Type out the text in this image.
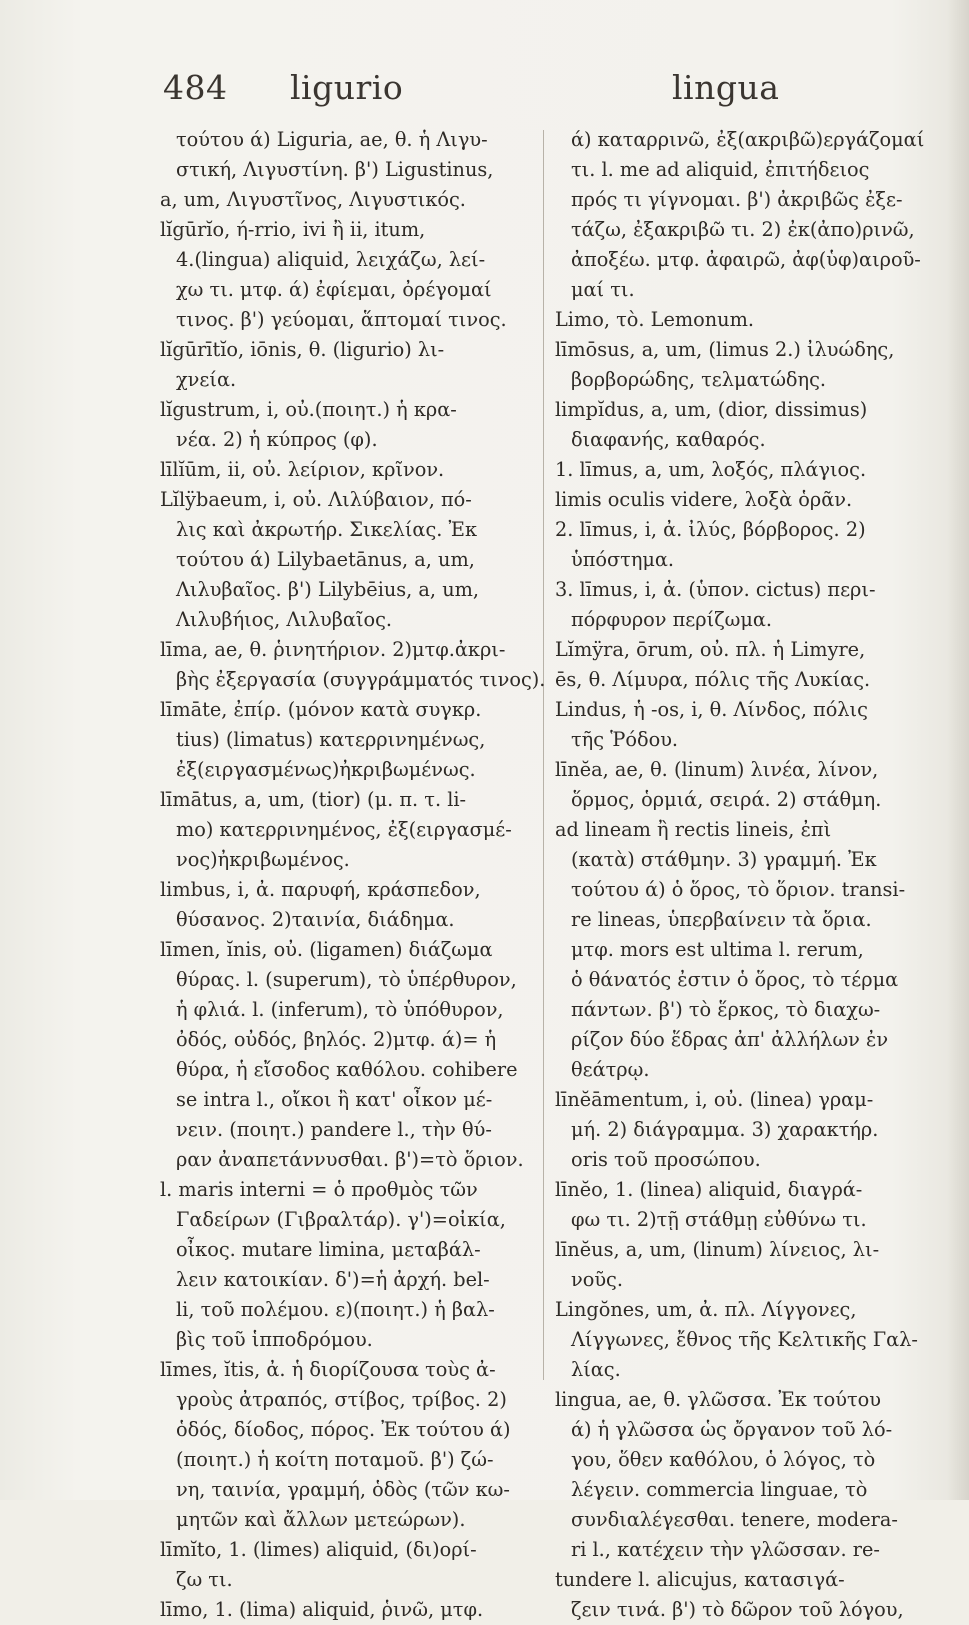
484 ligurio	lingua
τούτου ά) Liguria, ae, θ. ἡ Λιγυ-
στική, Λιγυστίνη. β') Ligustinus,
a, um, Λιγυστῖνος, Λιγυστικός.
lĭgūrĭo, ή-rrio, ivi ἢ ii, itum,
4.(lingua) aliquid, λειχάζω, λεί-
χω τι. μτφ. ά) ἐφίεμαι, ὀρέγομαί
τινος. β') γεύομαι, ἅπτομαί τινος.
lĭgūrītĭo, iōnis, θ. (ligurio) λι-
χνεία.
lĭgustrum, i, οὐ.(ποιητ.) ἡ κρα-
νέα. 2) ἡ κύπρος (φ).
līlĭūm, ii, οὐ. λείριον, κρῖνον.
Lĭlÿbaeum, i, οὐ. Λιλύβαιον, πό-
λις καὶ ἀκρωτήρ. Σικελίας. Ἐκ
τούτου ά) Lilybaetānus, a, um,
Λιλυβαῖος. β') Lilybēius, a, um,
Λιλυβήιος, Λιλυβαῖος.
līma, ae, θ. ῥινητήριον. 2)μτφ.ἀκρι-
βὴς ἐξεργασία (συγγράμματός τινος).
līmāte, ἐπίρ. (μόνον κατὰ συγκρ.
tius) (limatus) κατερρινημένως,
ἐξ(ειργασμένως)ἠκριβωμένως.
līmātus, a, um, (tior) (μ. π. τ. li-
mo) κατερρινημένος, ἐξ(ειργασμέ-
νος)ἠκριβωμένος.
limbus, i, ἀ. παρυφή, κράσπεδον,
θύσανος. 2)ταινία, διάδημα.
līmen, ĭnis, οὐ. (ligamen) διάζωμα
θύρας. l. (superum), τὸ ὑπέρθυρον,
ἡ φλιά. l. (inferum), τὸ ὑπόθυρον,
ὀδός, οὐδός, βηλός. 2)μτφ. ά)= ἡ
θύρα, ἡ εἴσοδος καθόλου. cohibere
se intra l., οἴκοι ἢ κατ' οἶκον μέ-
νειν. (ποιητ.) pandere l., τὴν θύ-
ραν ἀναπετάννυσθαι. β')=τὸ ὅριον.
l. maris interni = ὁ προθμὸς τῶν
Γαδείρων (Γιβραλτάρ). γ')=οἰκία,
οἶκος. mutare limina, μεταβάλ-
λειν κατοικίαν. δ')=ἡ ἀρχή. bel-
li, τοῦ πολέμου. ε)(ποιητ.) ἡ βαλ-
βὶς τοῦ ἱπποδρόμου.
līmes, ĭtis, ἀ. ἡ διορίζουσα τοὺς ἀ-
γροὺς ἀτραπός, στίβος, τρίβος. 2)
ὁδός, δίοδος, πόρος. Ἐκ τούτου ά)
(ποιητ.) ἡ κοίτη ποταμοῦ. β') ζώ-
νη, ταινία, γραμμή, ὁδὸς (τῶν κω-
μητῶν καὶ ἄλλων μετεώρων).
līmĭto, 1. (limes) aliquid, (δι)ορί-
ζω τι.
līmo, 1. (lima) aliquid, ῥινῶ, μτφ.
ά) καταρρινῶ, ἐξ(ακριβῶ)εργάζομαί
τι. l. me ad aliquid, ἐπιτήδειος
πρός τι γίγνομαι. β') ἀκριβῶς ἐξε-
τάζω, ἐξακριβῶ τι. 2) ἐκ(ἀπο)ρινῶ,
ἀποξέω. μτφ. ἀφαιρῶ, ἀφ(ὑφ)αιροῦ-
μαί τι.
Limo, τὸ. Lemonum.
līmōsus, a, um, (limus 2.) ἰλυώδης,
βορβορώδης, τελματώδης.
limpĭdus, a, um, (dior, dissimus)
διαφανής, καθαρός.
1. līmus, a, um, λοξός, πλάγιος.
limis oculis videre, λοξὰ ὁρᾶν.
2. līmus, i, ἀ. ἰλύς, βόρβορος. 2)
ὑπόστημα.
3. līmus, i, ἀ. (ὑπον. cictus) περι-
πόρφυρον περίζωμα.
Lĭmÿra, ōrum, οὐ. πλ. ἡ Limyre,
ēs, θ. Λίμυρα, πόλις τῆς Λυκίας.
Lindus, ἡ -os, i, θ. Λίνδος, πόλις
τῆς Ῥόδου.
līnĕa, ae, θ. (linum) λινέα, λίνον,
ὅρμος, ὁρμιά, σειρά. 2) στάθμη.
ad lineam ἢ rectis lineis, ἐπὶ
(κατὰ) στάθμην. 3) γραμμή. Ἐκ
τούτου ά) ὁ ὅρος, τὸ ὅριον. transi-
re lineas, ὑπερβαίνειν τὰ ὅρια.
μτφ. mors est ultima l. rerum,
ὁ θάνατός ἐστιν ὁ ὅρος, τὸ τέρμα
πάντων. β') τὸ ἕρκος, τὸ διαχω-
ρίζον δύο ἕδρας ἀπ' ἀλλήλων ἐν
θεάτρῳ.
līnĕāmentum, i, οὐ. (linea) γραμ-
μή. 2) διάγραμμα. 3) χαρακτήρ.
oris τοῦ προσώπου.
līnĕo, 1. (linea) aliquid, διαγρά-
φω τι. 2)τῇ στάθμῃ εὐθύνω τι.
līnĕus, a, um, (linum) λίνειος, λι-
νοῦς.
Lingŏnes, um, ἀ. πλ. Λίγγονες,
Λίγγωνες, ἔθνος τῆς Κελτικῆς Γαλ-
λίας.
lingua, ae, θ. γλῶσσα. Ἐκ τούτου
ά) ἡ γλῶσσα ὡς ὄργανον τοῦ λό-
γου, ὅθεν καθόλου, ὁ λόγος, τὸ
λέγειν. commercia linguae, τὸ
συνδιαλέγεσθαι. tenere, modera-
ri l., κατέχειν τὴν γλῶσσαν. re-
tundere l. alicujus, κατασιγά-
ζειν τινά. β') τὸ δῶρον τοῦ λόγου,
